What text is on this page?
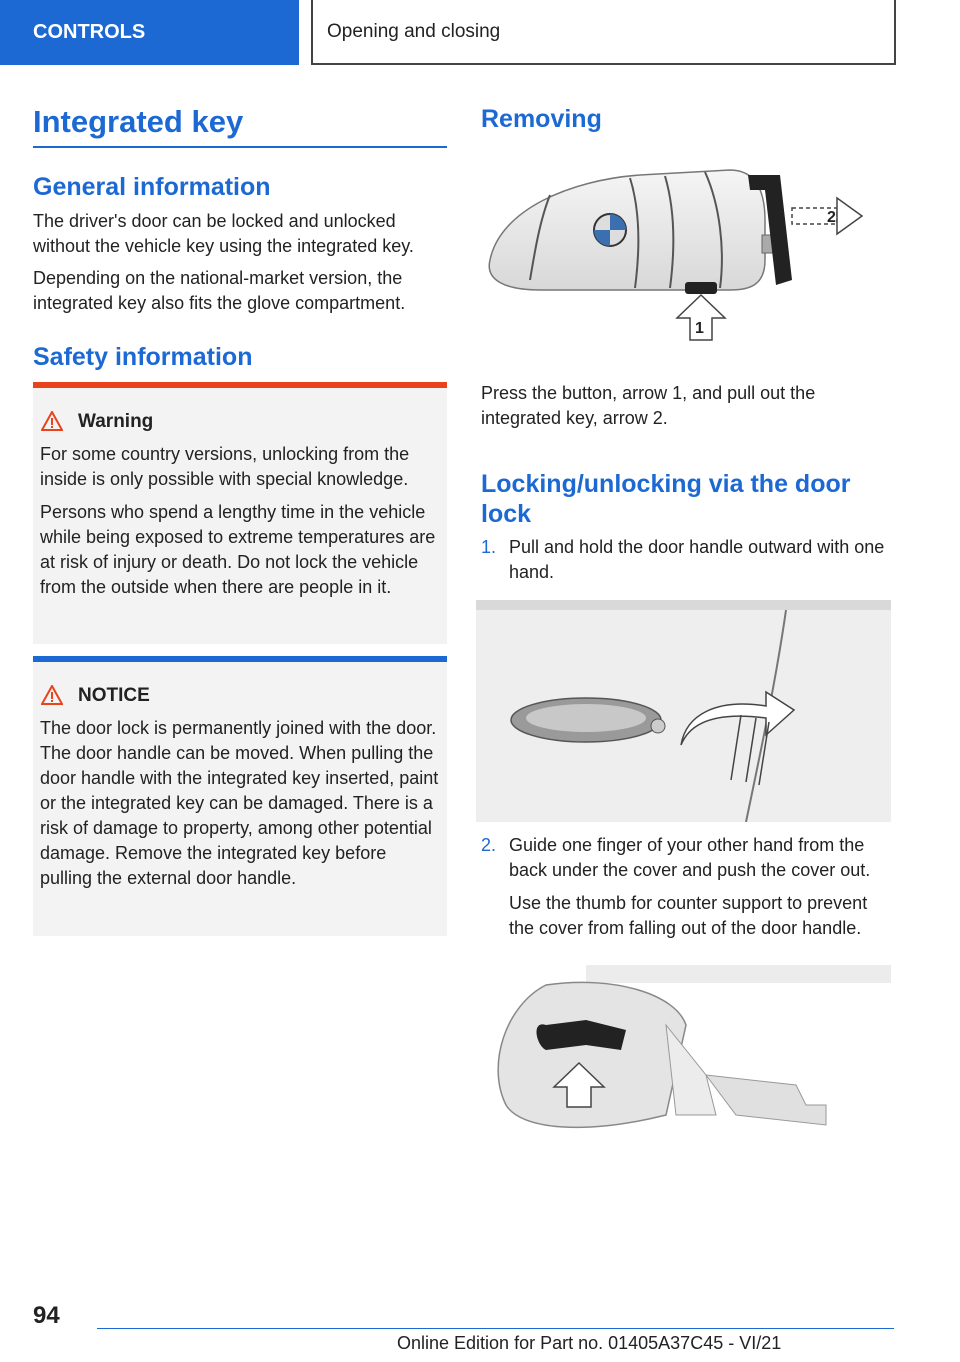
CONTROLS	Opening and closing
Integrated key
General information
The driver's door can be locked and unlocked without the vehicle key using the integrated key.
Depending on the national-market version, the integrated key also fits the glove compartment.
Safety information
Warning
For some country versions, unlocking from the inside is only possible with special knowledge.
Persons who spend a lengthy time in the vehicle while being exposed to extreme temperatures are at risk of injury or death. Do not lock the vehicle from the outside when there are people in it.
NOTICE
The door lock is permanently joined with the door. The door handle can be moved. When pulling the door handle with the integrated key inserted, paint or the integrated key can be damaged. There is a risk of damage to property, among other potential damage. Remove the integrated key before pulling the external door handle.
Removing
2
1
Press the button, arrow 1, and pull out the integrated key, arrow 2.
Locking/unlocking via the door lock
1. Pull and hold the door handle outward with one hand.
2. Guide one finger of your other hand from the back under the cover and push the cover out.
Use the thumb for counter support to prevent the cover from falling out of the door handle.
94
Online Edition for Part no. 01405A37C45 - VI/21
